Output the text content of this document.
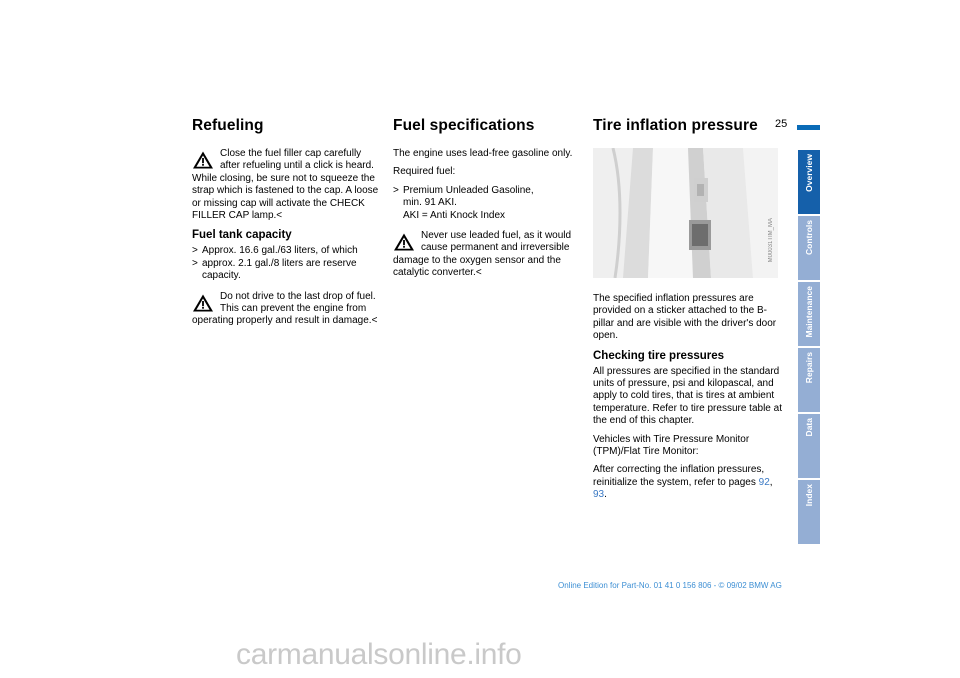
25
Refueling
Close the fuel filler cap carefully after refueling until a click is heard. While closing, be sure not to squeeze the strap which is fastened to the cap. A loose or missing cap will activate the CHECK FILLER CAP lamp.<
Fuel tank capacity
> Approx. 16.6 gal./63 liters, of which
> approx. 2.1 gal./8 liters are reserve capacity.
Do not drive to the last drop of fuel. This can prevent the engine from operating properly and result in damage.<
Fuel specifications

The engine uses lead-free gasoline only.

Required fuel:

> Premium Unleaded Gasoline,
min. 91 AKI.
AKI = Anti Knock Index
Never use leaded fuel, as it would cause permanent and irreversible damage to the oxygen sensor and the catalytic converter.<
Tire inflation pressure
M00031TIM_MA

The specified inflation pressures are provided on a sticker attached to the B-pillar and are visible with the driver's door open.

Checking tire pressures

All pressures are specified in the standard units of pressure, psi and kilopascal, and apply to cold tires, that is tires at ambient temperature. Refer to tire pressure table at the end of this chapter.

Vehicles with Tire Pressure Monitor (TPM)/Flat Tire Monitor:

After correcting the inflation pressures, reinitialize the system, refer to pages 92, 93.

Overview
Controls
Maintenance
Repairs
Data
Index
Online Edition for Part-No. 01 41 0 156 806 - © 09/02 BMW AG
carmanualsonline.info
